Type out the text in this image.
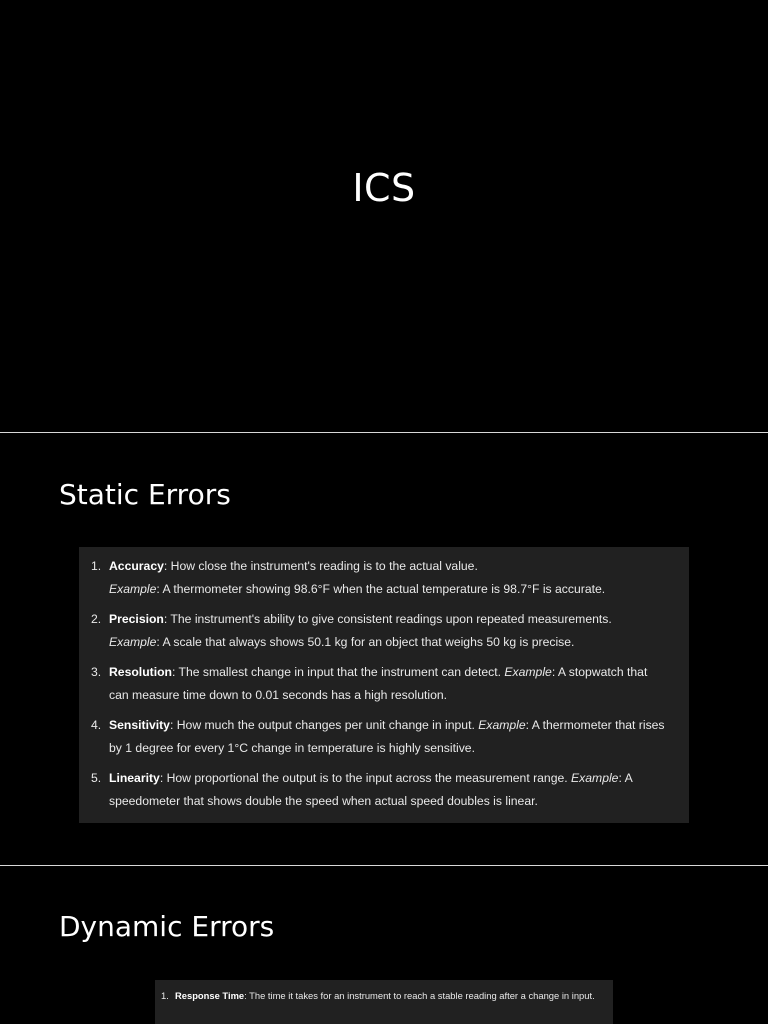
ICS
Static Errors
1. Accuracy: How close the instrument's reading is to the actual value.
Example: A thermometer showing 98.6°F when the actual temperature is 98.7°F is accurate.
2. Precision: The instrument's ability to give consistent readings upon repeated measurements.
Example: A scale that always shows 50.1 kg for an object that weighs 50 kg is precise.
3. Resolution: The smallest change in input that the instrument can detect. Example: A stopwatch that can measure time down to 0.01 seconds has a high resolution.
4. Sensitivity: How much the output changes per unit change in input. Example: A thermometer that rises by 1 degree for every 1°C change in temperature is highly sensitive.
5. Linearity: How proportional the output is to the input across the measurement range. Example: A speedometer that shows double the speed when actual speed doubles is linear.
Dynamic Errors
1. Response Time: The time it takes for an instrument to reach a stable reading after a change in input.
